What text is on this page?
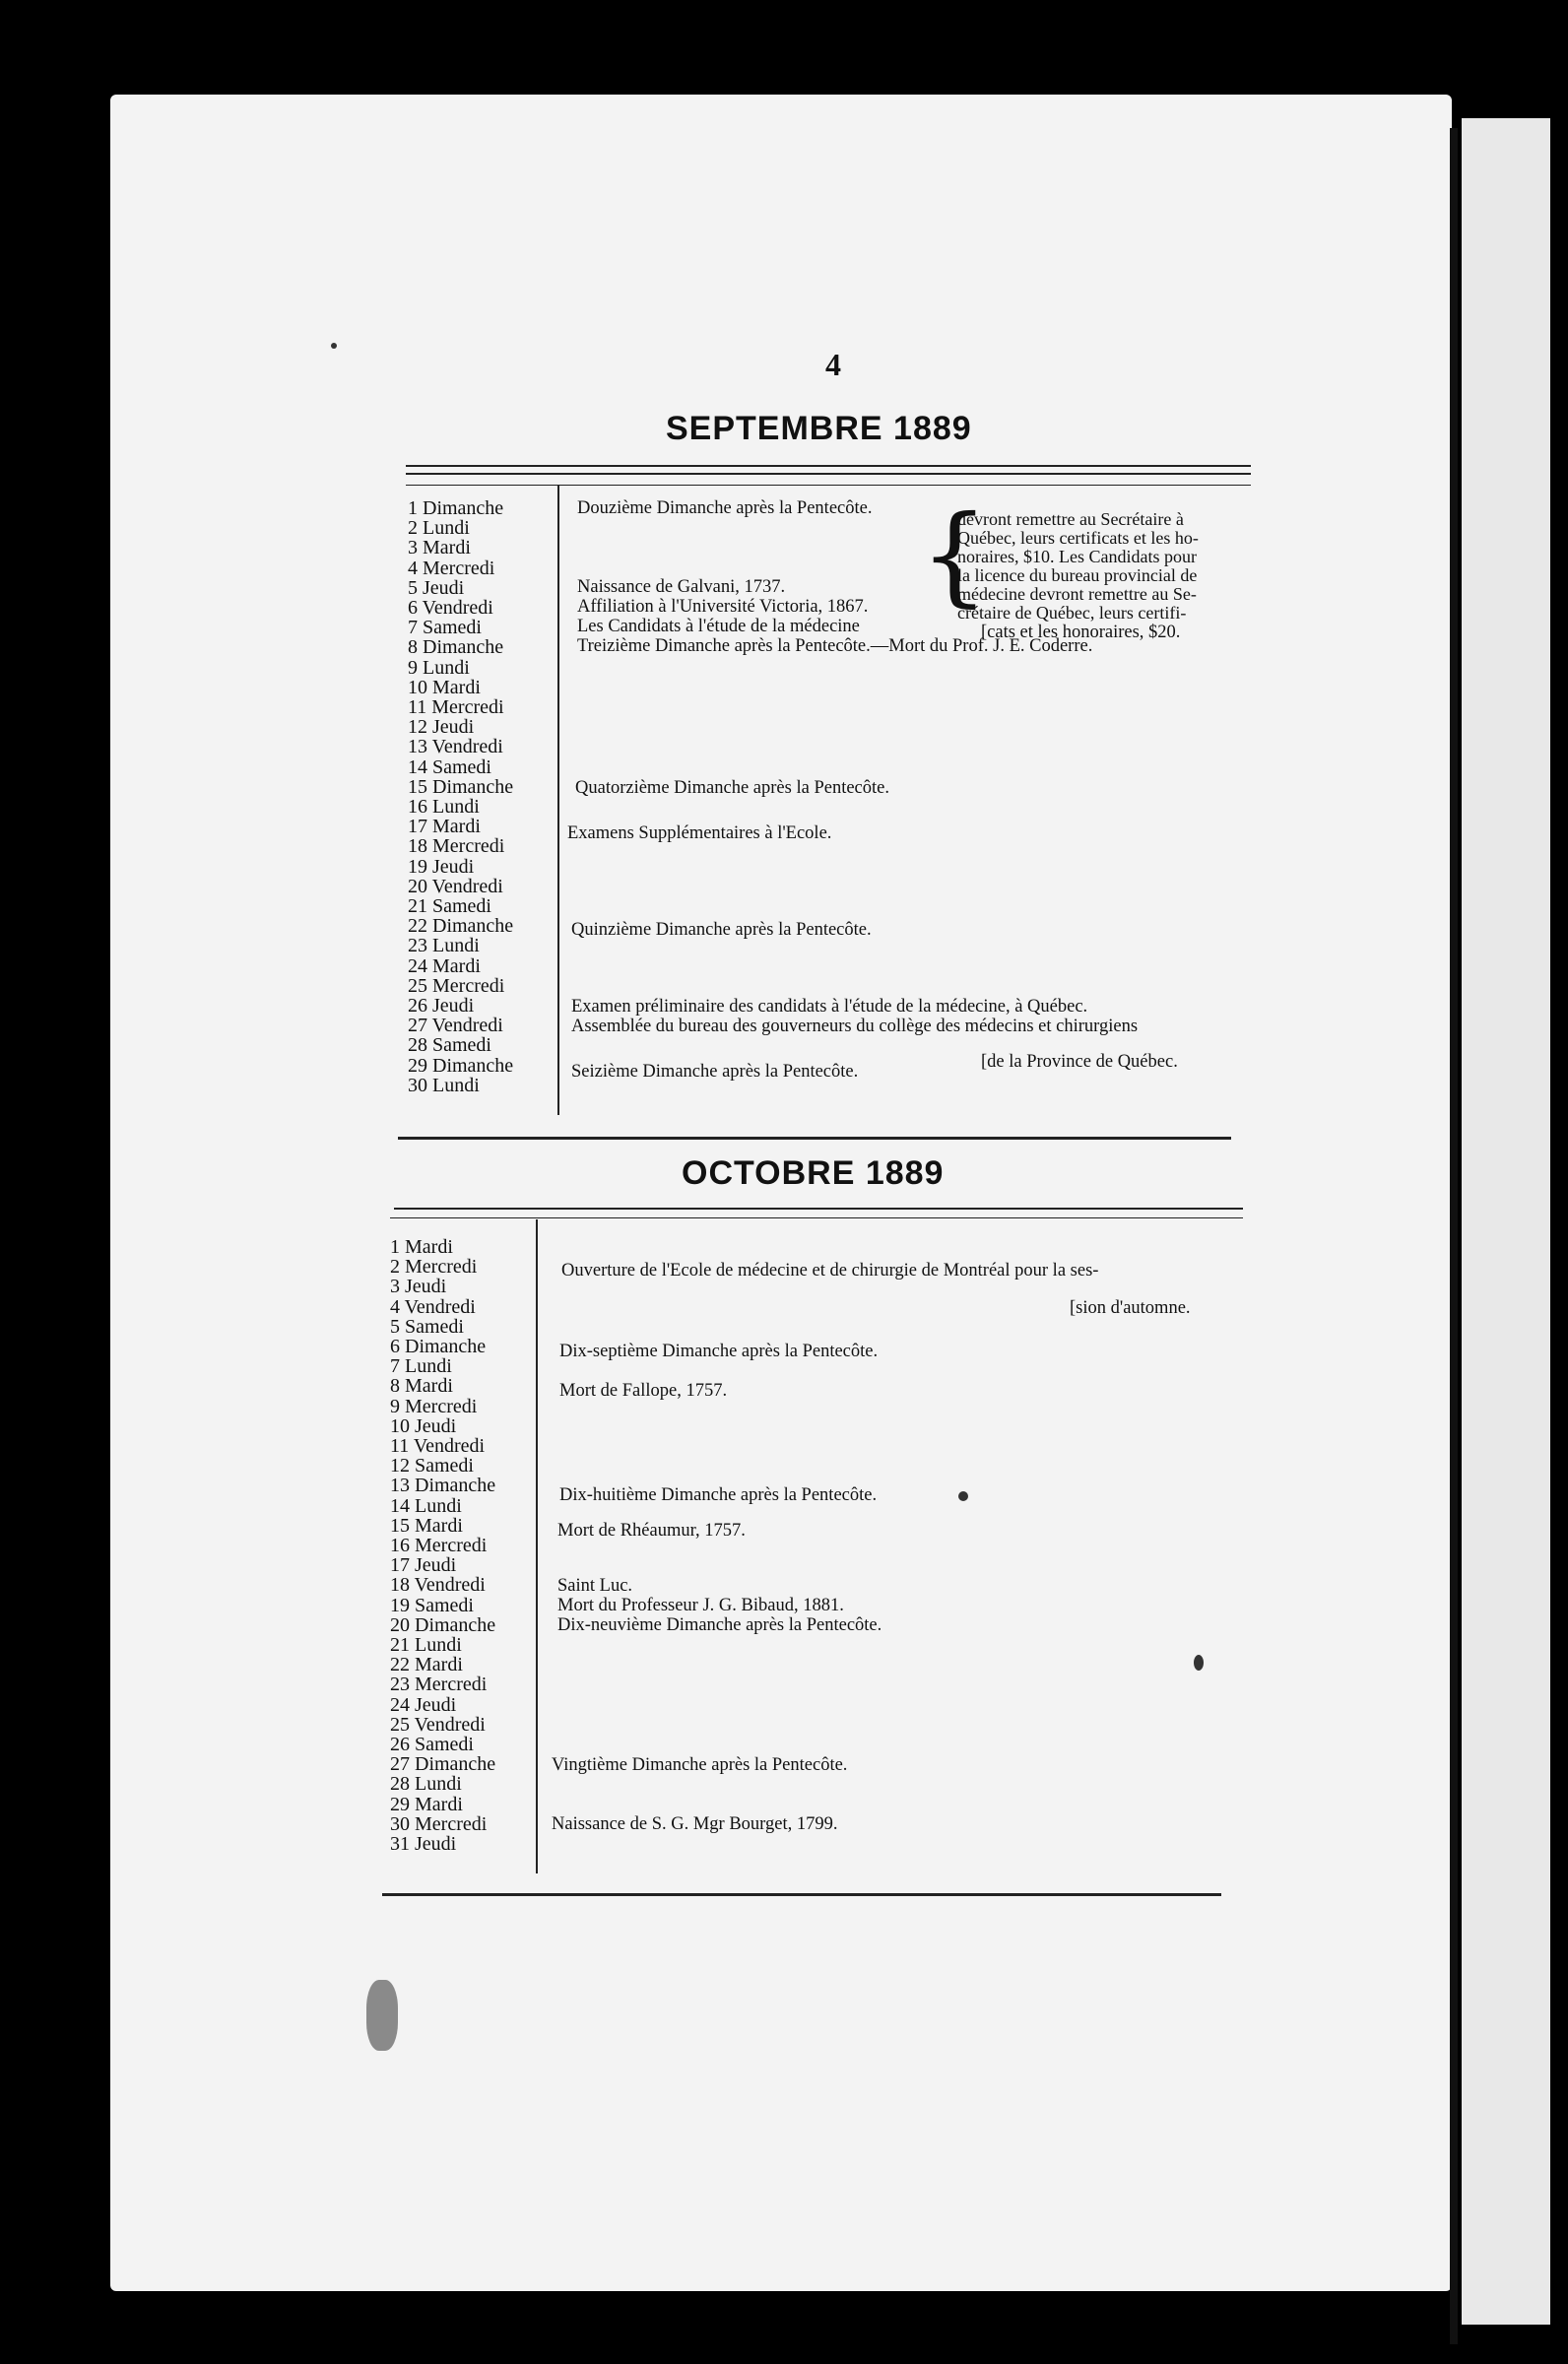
4
SEPTEMBRE 1889
1 Dimanche
2 Lundi
3 Mardi
4 Mercredi
5 Jeudi
6 Vendredi
7 Samedi
8 Dimanche
9 Lundi
10 Mardi
11 Mercredi
12 Jeudi
13 Vendredi
14 Samedi
15 Dimanche
16 Lundi
17 Mardi
18 Mercredi
19 Jeudi
20 Vendredi
21 Samedi
22 Dimanche
23 Lundi
24 Mardi
25 Mercredi
26 Jeudi
27 Vendredi
28 Samedi
29 Dimanche
30 Lundi
Douzième Dimanche après la Pentecôte.
Naissance de Galvani, 1737.
Affiliation à l'Université Victoria, 1867.
Les Candidats à l'étude de la médecine
Treizième Dimanche après la Pentecôte.—Mort du Prof. J. E. Coderre.
[cats et les honoraires, $20.
{
devront remettre au Secrétaire à
Québec, leurs certificats et les ho-
noraires, $10. Les Candidats pour
la licence du bureau provincial de
médecine devront remettre au Se-
crétaire de Québec, leurs certifi-
Quatorzième Dimanche après la Pentecôte.
Examens Supplémentaires à l'Ecole.
Quinzième Dimanche après la Pentecôte.
Examen préliminaire des candidats à l'étude de la médecine, à Québec.
Assemblée du bureau des gouverneurs du collège des médecins et chirurgiens
[de la Province de Québec.
Seizième Dimanche après la Pentecôte.
OCTOBRE 1889
1 Mardi
2 Mercredi
3 Jeudi
4 Vendredi
5 Samedi
6 Dimanche
7 Lundi
8 Mardi
9 Mercredi
10 Jeudi
11 Vendredi
12 Samedi
13 Dimanche
14 Lundi
15 Mardi
16 Mercredi
17 Jeudi
18 Vendredi
19 Samedi
20 Dimanche
21 Lundi
22 Mardi
23 Mercredi
24 Jeudi
25 Vendredi
26 Samedi
27 Dimanche
28 Lundi
29 Mardi
30 Mercredi
31 Jeudi
Ouverture de l'Ecole de médecine et de chirurgie de Montréal pour la ses-
[sion d'automne.
Dix-septième Dimanche après la Pentecôte.
Mort de Fallope, 1757.
Dix-huitième Dimanche après la Pentecôte.
Mort de Rhéaumur, 1757.
Saint Luc.
Mort du Professeur J. G. Bibaud, 1881.
Dix-neuvième Dimanche après la Pentecôte.
Vingtième Dimanche après la Pentecôte.
Naissance de S. G. Mgr Bourget, 1799.
